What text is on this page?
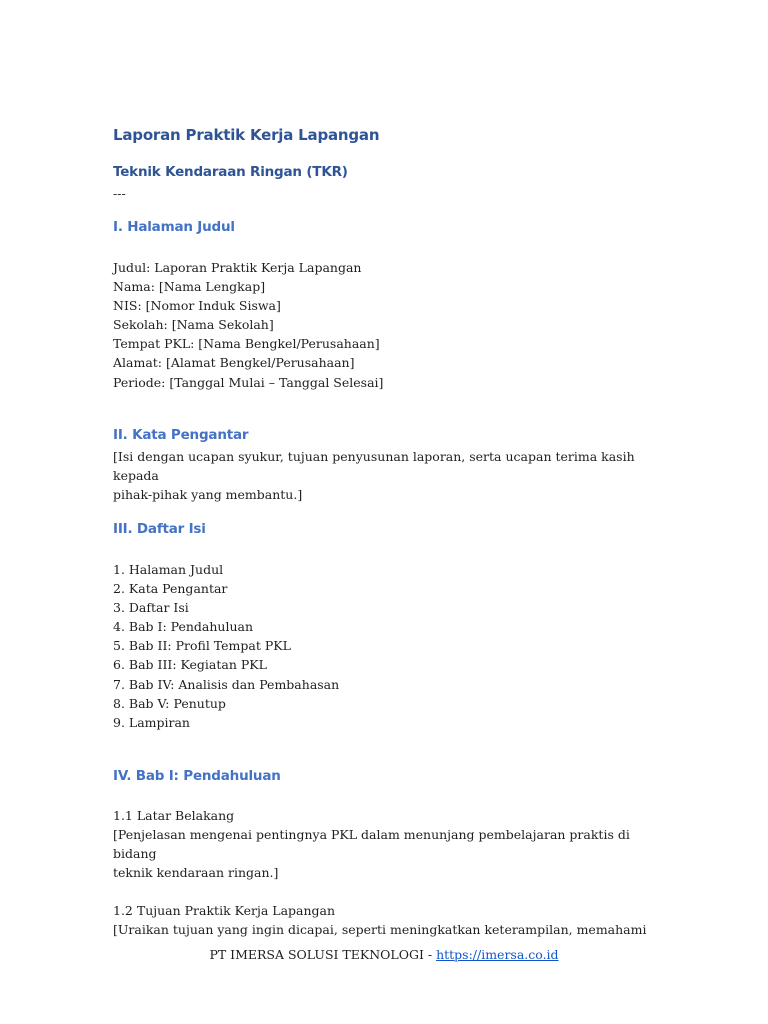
Laporan Praktik Kerja Lapangan
Teknik Kendaraan Ringan (TKR)

---

I. Halaman Judul

Judul: Laporan Praktik Kerja Lapangan

Nama: [Nama Lengkap]

NIS: [Nomor Induk Siswa]

Sekolah: [Nama Sekolah]

Tempat PKL: [Nama Bengkel/Perusahaan]

Alamat: [Alamat Bengkel/Perusahaan]

Periode: [Tanggal Mulai – Tanggal Selesai]

II. Kata Pengantar

[Isi dengan ucapan syukur, tujuan penyusunan laporan, serta ucapan terima kasih kepada
pihak-pihak yang membantu.]

III. Daftar Isi

1. Halaman Judul

2. Kata Pengantar

3. Daftar Isi

4. Bab I: Pendahuluan

5. Bab II: Profil Tempat PKL

6. Bab III: Kegiatan PKL

7. Bab IV: Analisis dan Pembahasan

8. Bab V: Penutup

9. Lampiran

IV. Bab I: Pendahuluan

1.1 Latar Belakang

[Penjelasan mengenai pentingnya PKL dalam menunjang pembelajaran praktis di bidang
teknik kendaraan ringan.]

1.2 Tujuan Praktik Kerja Lapangan

[Uraikan tujuan yang ingin dicapai, seperti meningkatkan keterampilan, memahami

PT IMERSA SOLUSI TEKNOLOGI - https://imersa.co.id
